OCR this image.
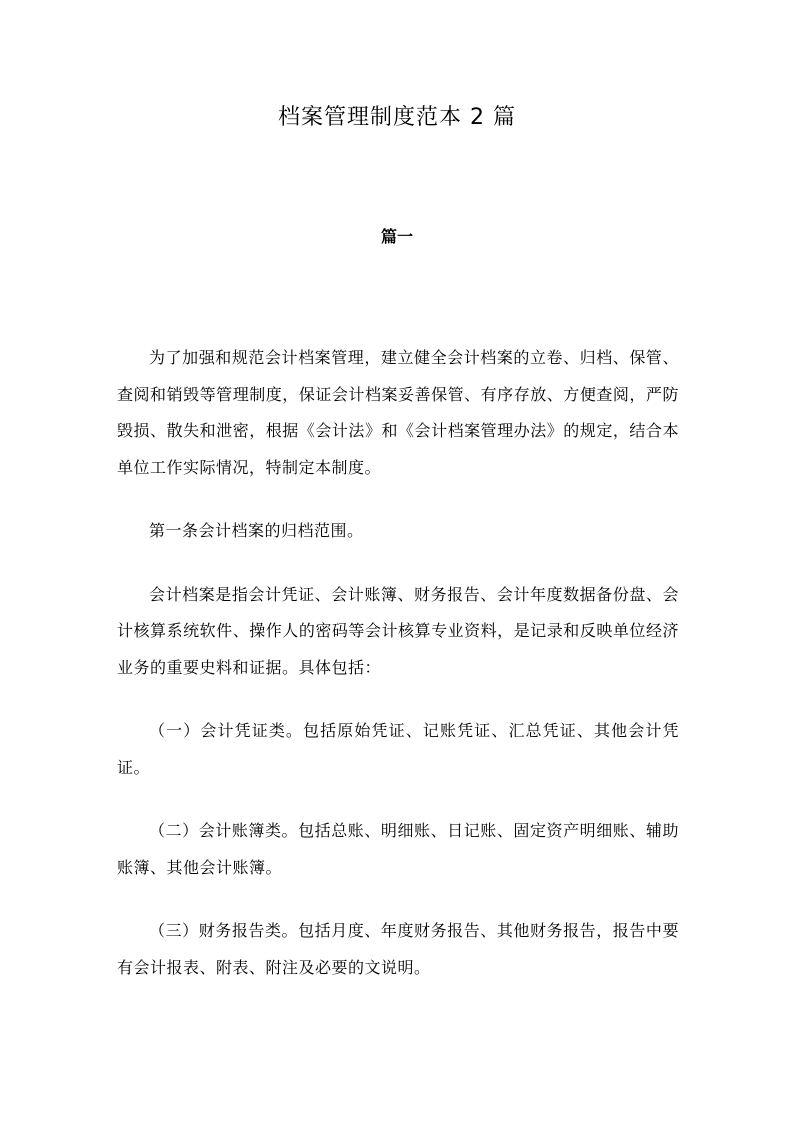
档案管理制度范本 2 篇
篇一

为了加强和规范会计档案管理，建立健全会计档案的立卷、归档、保管、查阅和销毁等管理制度，保证会计档案妥善保管、有序存放、方便查阅，严防毁损、散失和泄密，根据《会计法》和《会计档案管理办法》的规定，结合本单位工作实际情况，特制定本制度。

第一条会计档案的归档范围。

会计档案是指会计凭证、会计账簿、财务报告、会计年度数据备份盘、会计核算系统软件、操作人的密码等会计核算专业资料，是记录和反映单位经济业务的重要史料和证据。具体包括：

（一）会计凭证类。包括原始凭证、记账凭证、汇总凭证、其他会计凭证。

（二）会计账簿类。包括总账、明细账、日记账、固定资产明细账、辅助账簿、其他会计账簿。

（三）财务报告类。包括月度、年度财务报告、其他财务报告，报告中要有会计报表、附表、附注及必要的文说明。
